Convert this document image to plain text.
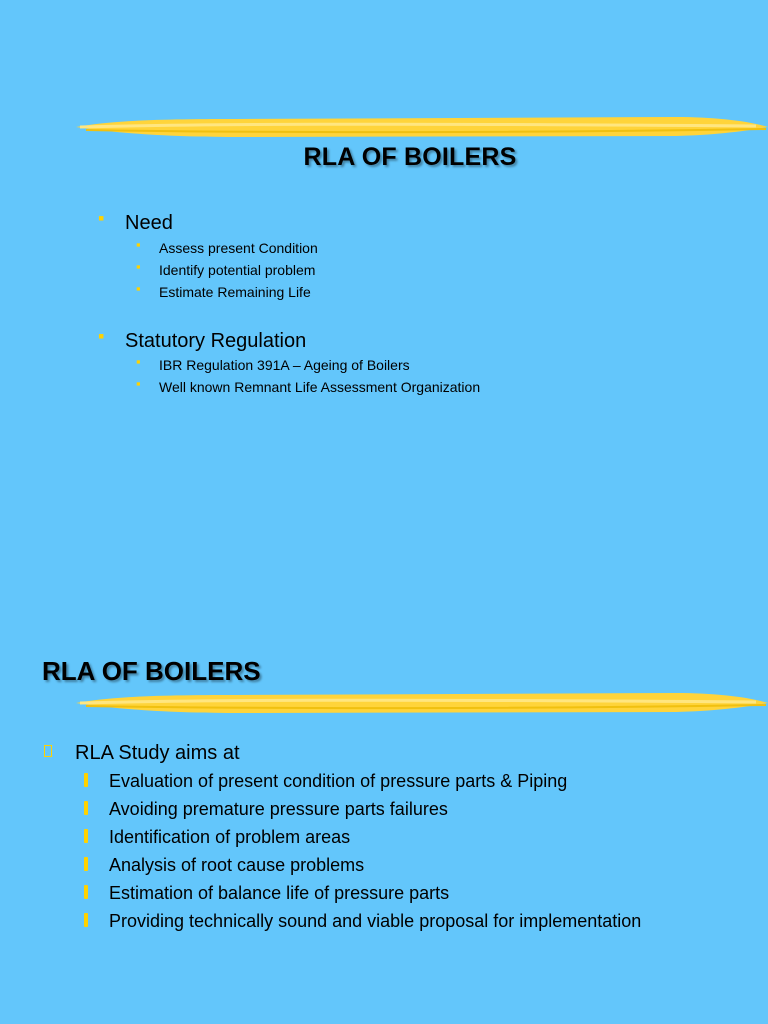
RLA OF BOILERS
▪ Need
▪ Assess present Condition
▪ Identify potential problem
▪ Estimate Remaining Life
▪ Statutory Regulation
▪ IBR Regulation 391A – Ageing of Boilers
▪ Well known Remnant Life Assessment Organization
RLA OF BOILERS
RLA Study aims at
Evaluation of present condition of pressure parts & Piping
Avoiding premature pressure parts failures
Identification of problem areas
Analysis of root cause problems
Estimation of balance life of pressure parts
Providing technically sound and viable proposal for implementation
